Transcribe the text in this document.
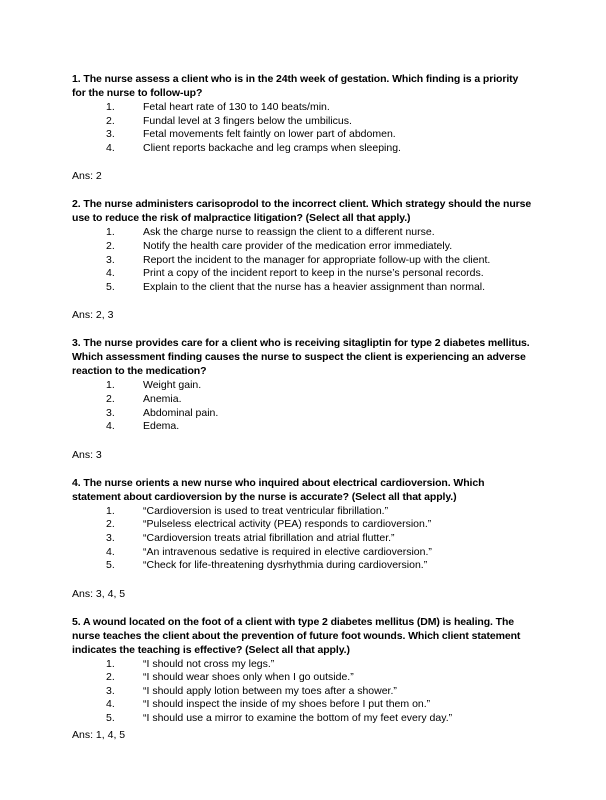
1. The nurse assess a client who is in the 24th week of gestation. Which finding is a priority for the nurse to follow-up?

1.	Fetal heart rate of 130 to 140 beats/min.
2.	Fundal level at 3 fingers below the umbilicus.
3.	Fetal movements felt faintly on lower part of abdomen.
4.	Client reports backache and leg cramps when sleeping.

Ans: 2

2. The nurse administers carisoprodol to the incorrect client. Which strategy should the nurse use to reduce the risk of malpractice litigation? (Select all that apply.)

1.	Ask the charge nurse to reassign the client to a different nurse.
2.	Notify the health care provider of the medication error immediately.
3.	Report the incident to the manager for appropriate follow-up with the client.
4.	Print a copy of the incident report to keep in the nurse’s personal records.
5.	Explain to the client that the nurse has a heavier assignment than normal.

Ans: 2, 3

3. The nurse provides care for a client who is receiving sitagliptin for type 2 diabetes mellitus. Which assessment finding causes the nurse to suspect the client is experiencing an adverse reaction to the medication?

1.	Weight gain.
2.	Anemia.
3.	Abdominal pain.
4.	Edema.

Ans: 3

4. The nurse orients a new nurse who inquired about electrical cardioversion. Which statement about cardioversion by the nurse is accurate? (Select all that apply.)

1.	“Cardioversion is used to treat ventricular fibrillation.”
2.	“Pulseless electrical activity (PEA) responds to cardioversion.”
3.	“Cardioversion treats atrial fibrillation and atrial flutter.”
4.	“An intravenous sedative is required in elective cardioversion.”
5.	“Check for life-threatening dysrhythmia during cardioversion.”

Ans: 3, 4, 5

5. A wound located on the foot of a client with type 2 diabetes mellitus (DM) is healing. The nurse teaches the client about the prevention of future foot wounds. Which client statement indicates the teaching is effective? (Select all that apply.)

1.	“I should not cross my legs.”
2.	“I should wear shoes only when I go outside.”
3.	“I should apply lotion between my toes after a shower.”
4.	“I should inspect the inside of my shoes before I put them on.”
5.	“I should use a mirror to examine the bottom of my feet every day.”

Ans: 1, 4, 5
